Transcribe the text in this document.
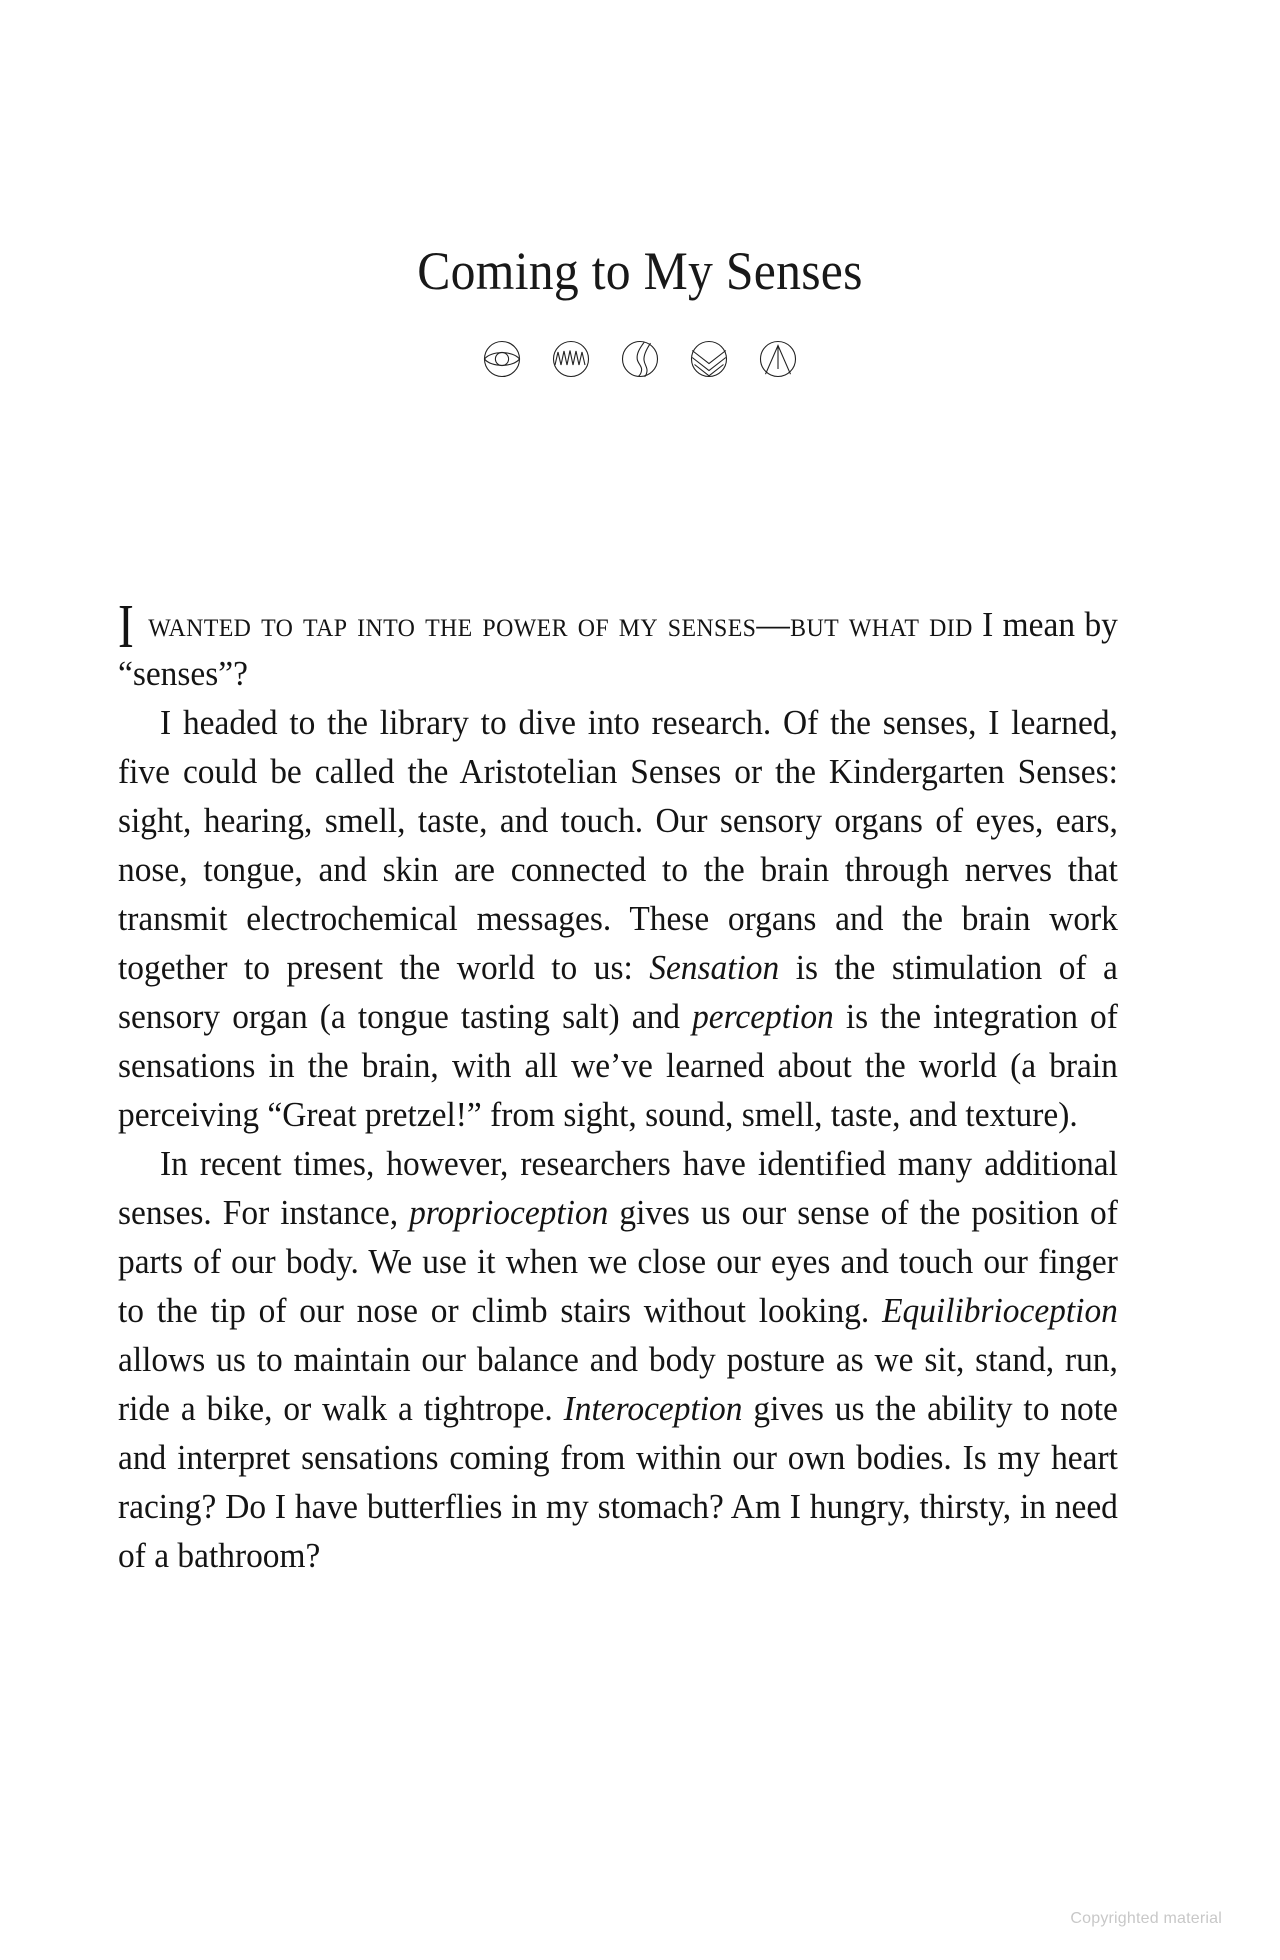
Coming to My Senses

Iwanted to tap into the power of my senses—but what did I mean by “senses”?

I headed to the library to dive into research. Of the senses, I learned, five could be called the Aristotelian Senses or the Kindergarten Senses: sight, hearing, smell, taste, and touch. Our sensory organs of eyes, ears, nose, tongue, and skin are connected to the brain through nerves that transmit electrochemical messages. These organs and the brain work together to present the world to us: Sensation is the stimulation of a sensory organ (a tongue tasting salt) and perception is the integration of sensations in the brain, with all we’ve learned about the world (a brain perceiving “Great pretzel!” from sight, sound, smell, taste, and texture).

In recent times, however, researchers have identified many additional senses. For instance, proprioception gives us our sense of the position of parts of our body. We use it when we close our eyes and touch our finger to the tip of our nose or climb stairs without looking. Equilibrioception allows us to maintain our balance and body posture as we sit, stand, run, ride a bike, or walk a tightrope. Interoception gives us the ability to note and interpret sensations coming from within our own bodies. Is my heart racing? Do I have butterflies in my stomach? Am I hungry, thirsty, in need of a bathroom?

Copyrighted material
